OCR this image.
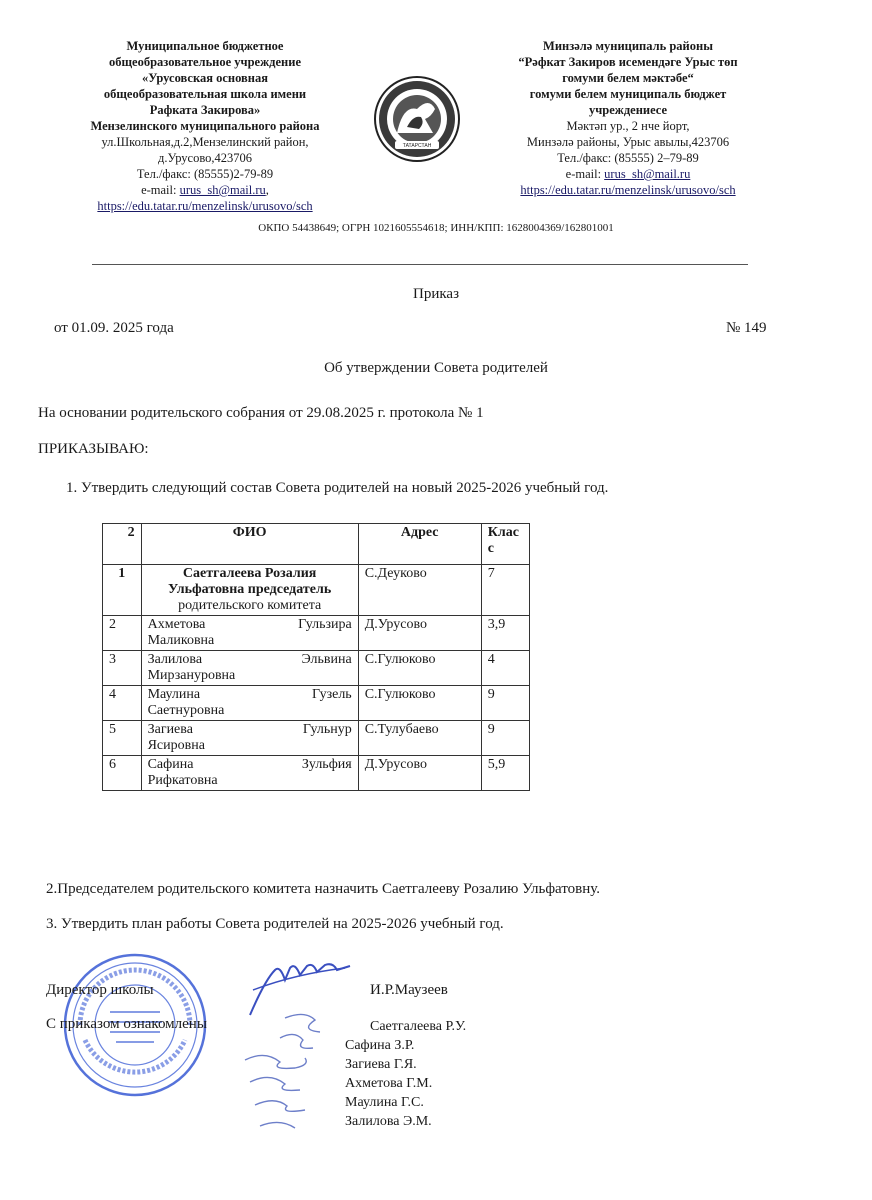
Муниципальное бюджетное
общеобразовательное учреждение
«Урусовская основная
общеобразовательная школа имени
Рафката Закирова»
Мензелинского муниципального района
ул.Школьная,д.2,Мензелинский район,
д.Урусово,423706
Тел./факс: (85555)2-79-89
e-mail: urus_sh@mail.ru,
https://edu.tatar.ru/menzelinsk/urusovo/sch
ТАТАРСТАН
Минзәлә муниципаль районы
“Рәфкат Закиров исемендәге Урыс төп
гомуми белем мәктәбе“
гомуми белем муниципаль бюджет
учреждениесе
Мәктәп ур., 2 нче йорт,
Минзәлә районы, Урыс авылы,423706
Тел./факс: (85555) 2–79-89
e-mail: urus_sh@mail.ru
https://edu.tatar.ru/menzelinsk/urusovo/sch
ОКПО 54438649; ОГРН 1021605554618; ИНН/КПП: 1628004369/162801001
Приказ
от 01.09. 2025 года	№ 149
Об утверждении Совета родителей
На основании родительского собрания от 29.08.2025 г. протокола № 1
ПРИКАЗЫВАЮ:
1. Утвердить следующий состав Совета родителей на новый 2025-2026 учебный год.
2	ФИО	Адрес	Клас с
1	Саетгалеева Розалия Ульфатовна председатель
родительского комитета	С.Деуково	7
2	Ахметова Гульзира
Маликовна	Д.Урусово	3,9
3	Залилова Эльвина
Мирзануровна	С.Гулюково	4
4	Маулина Гузель
Саетнуровна	С.Гулюково	9
5	Загиева Гульнур
Ясировна	С.Тулубаево	9
6	Сафина Зульфия
Рифкатовна	Д.Урусово	5,9
2.Председателем родительского комитета назначить Саетгалееву Розалию Ульфатовну.
3. Утвердить план работы Совета родителей на 2025-2026 учебный год.
Директор школы	И.Р.Маузеев
С приказом ознакомлены	Саетгалеева Р.У.
Сафина З.Р.
Загиева Г.Я.
Ахметова Г.М.
Маулина Г.С.
Залилова Э.М.
